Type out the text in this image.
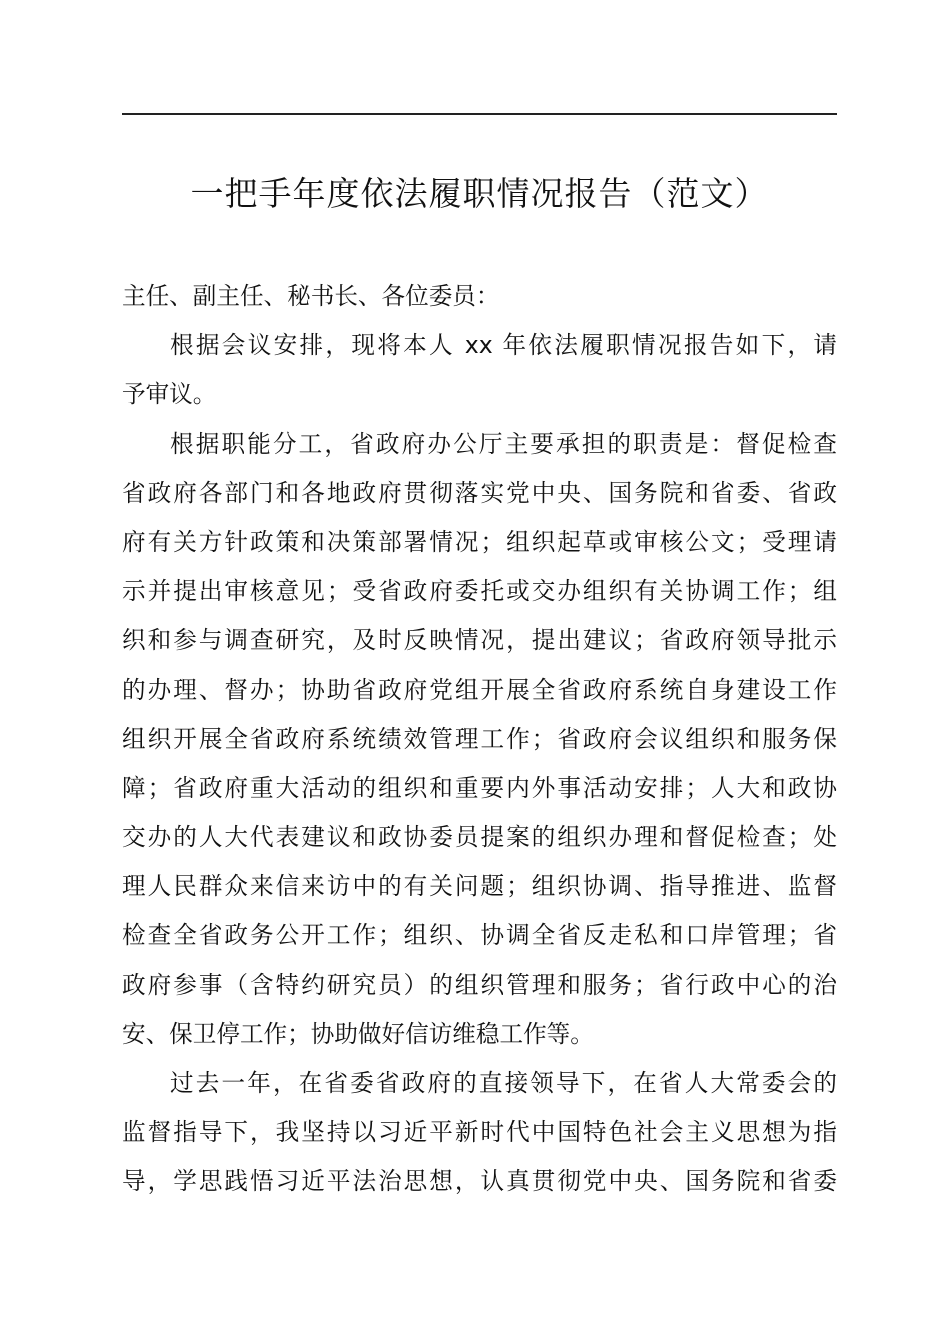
一把手年度依法履职情况报告（范文）
主任、副主任、秘书长、各位委员：
根据会议安排，现将本人 xx 年依法履职情况报告如下，请
予审议。
根据职能分工，省政府办公厅主要承担的职责是：督促检查
省政府各部门和各地政府贯彻落实党中央、国务院和省委、省政
府有关方针政策和决策部署情况；组织起草或审核公文；受理请
示并提出审核意见；受省政府委托或交办组织有关协调工作；组
织和参与调查研究，及时反映情况，提出建议；省政府领导批示
的办理、督办；协助省政府党组开展全省政府系统自身建设工作
组织开展全省政府系统绩效管理工作；省政府会议组织和服务保
障；省政府重大活动的组织和重要内外事活动安排；人大和政协
交办的人大代表建议和政协委员提案的组织办理和督促检查；处
理人民群众来信来访中的有关问题；组织协调、指导推进、监督
检查全省政务公开工作；组织、协调全省反走私和口岸管理；省
政府参事（含特约研究员）的组织管理和服务；省行政中心的治
安、保卫停工作；协助做好信访维稳工作等。
过去一年，在省委省政府的直接领导下，在省人大常委会的
监督指导下，我坚持以习近平新时代中国特色社会主义思想为指
导，学思践悟习近平法治思想，认真贯彻党中央、国务院和省委
